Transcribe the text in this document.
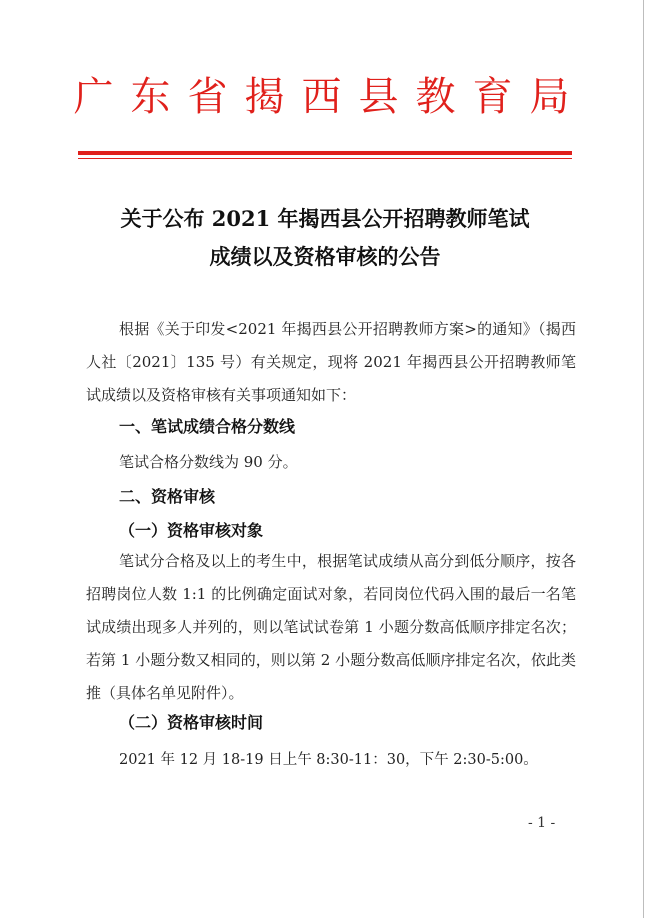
广东省揭西县教育局
关于公布 2021 年揭西县公开招聘教师笔试
成绩以及资格审核的公告
根据《关于印发<2021 年揭西县公开招聘教师方案>的通知》（揭西人社〔2021〕135 号）有关规定，现将 2021 年揭西县公开招聘教师笔试成绩以及资格审核有关事项通知如下：
一、笔试成绩合格分数线
笔试合格分数线为 90 分。
二、资格审核
（一）资格审核对象
笔试分合格及以上的考生中，根据笔试成绩从高分到低分顺序，按各招聘岗位人数 1:1 的比例确定面试对象，若同岗位代码入围的最后一名笔试成绩出现多人并列的，则以笔试试卷第 1 小题分数高低顺序排定名次；若第 1 小题分数又相同的，则以第 2 小题分数高低顺序排定名次，依此类推（具体名单见附件）。
（二）资格审核时间
2021 年 12 月 18-19 日上午 8:30-11：30，下午 2:30-5:00。
- 1 -
